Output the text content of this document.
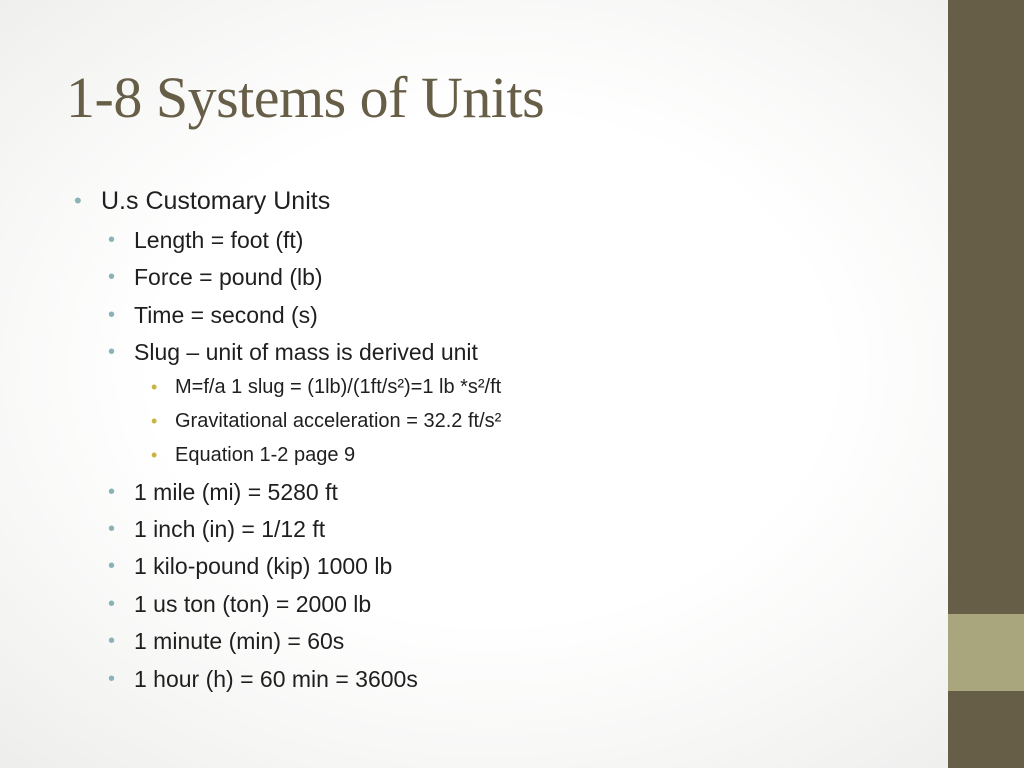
1-8 Systems of Units
• U.s Customary Units
• Length = foot (ft)
• Force = pound (lb)
• Time = second (s)
• Slug – unit of mass is derived unit
• M=f/a 1 slug = (1lb)/(1ft/s²)=1 lb *s²/ft
• Gravitational acceleration = 32.2 ft/s²
• Equation 1-2 page 9
• 1 mile (mi) = 5280 ft
• 1 inch (in) = 1/12 ft
• 1 kilo-pound (kip) 1000 lb
• 1 us ton (ton) = 2000 lb
• 1 minute (min) = 60s
• 1 hour (h) = 60 min = 3600s
